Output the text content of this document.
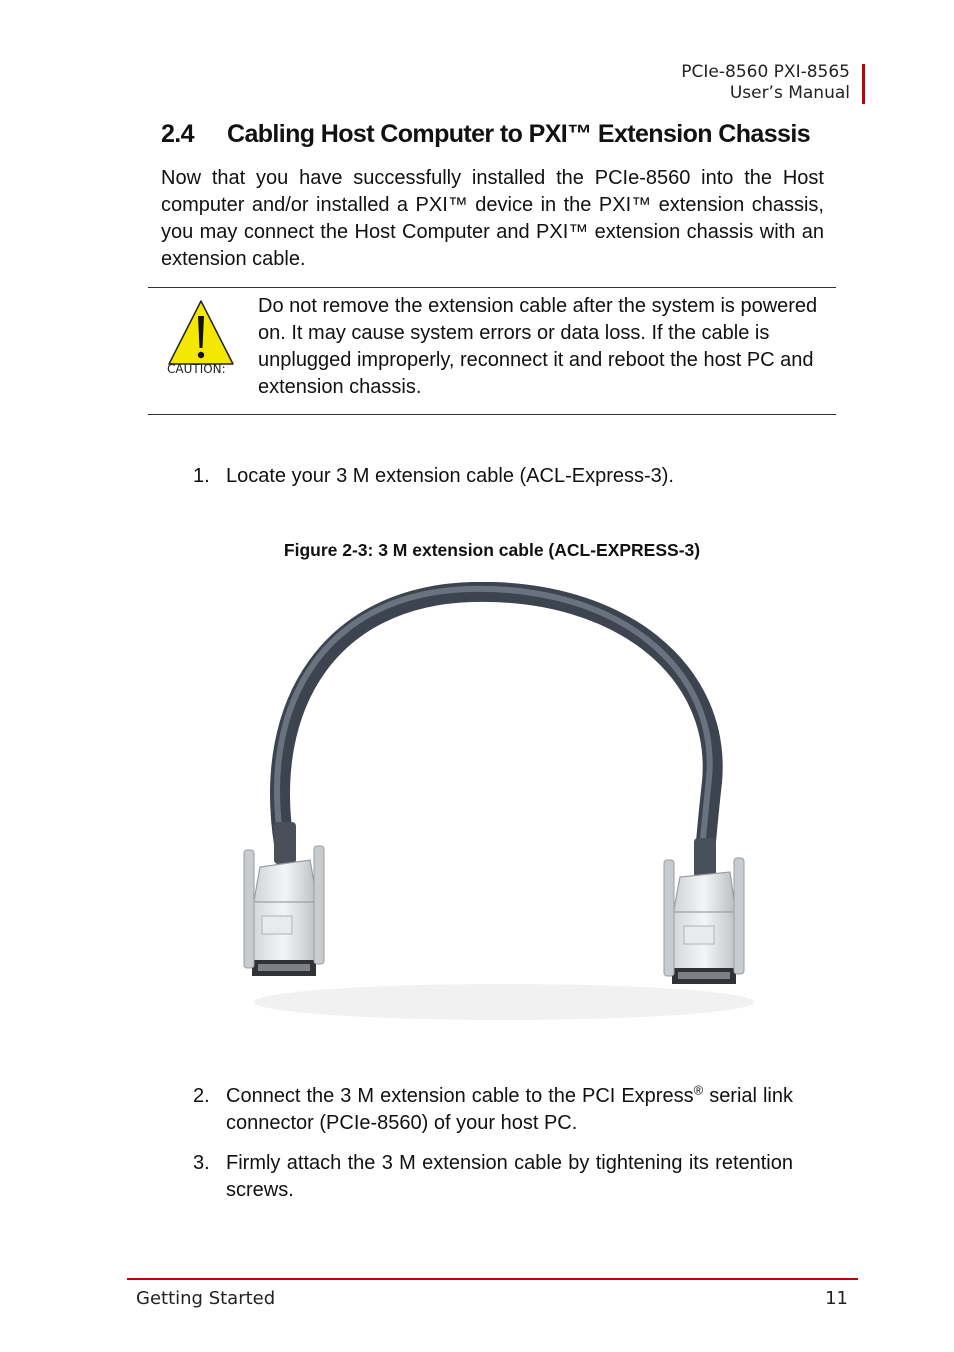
PCIe-8560 PXI-8565
User’s Manual
2.4 Cabling Host Computer to PXI™ Extension Chassis

Now that you have successfully installed the PCIe-8560 into the Host computer and/or installed a PXI™ device in the PXI™ extension chassis, you may connect the Host Computer and PXI™ extension chassis with an extension cable.

CAUTION:

Do not remove the extension cable after the system is powered on. It may cause system errors or data loss. If the cable is unplugged improperly, reconnect it and reboot the host PC and extension chassis.

1. Locate your 3 M extension cable (ACL-Express-3).
Figure 2-3: 3 M extension cable (ACL-EXPRESS-3)
2. Connect the 3 M extension cable to the PCI Express® serial link connector (PCIe-8560) of your host PC.
3. Firmly attach the 3 M extension cable by tightening its retention screws.
Getting Started	11
